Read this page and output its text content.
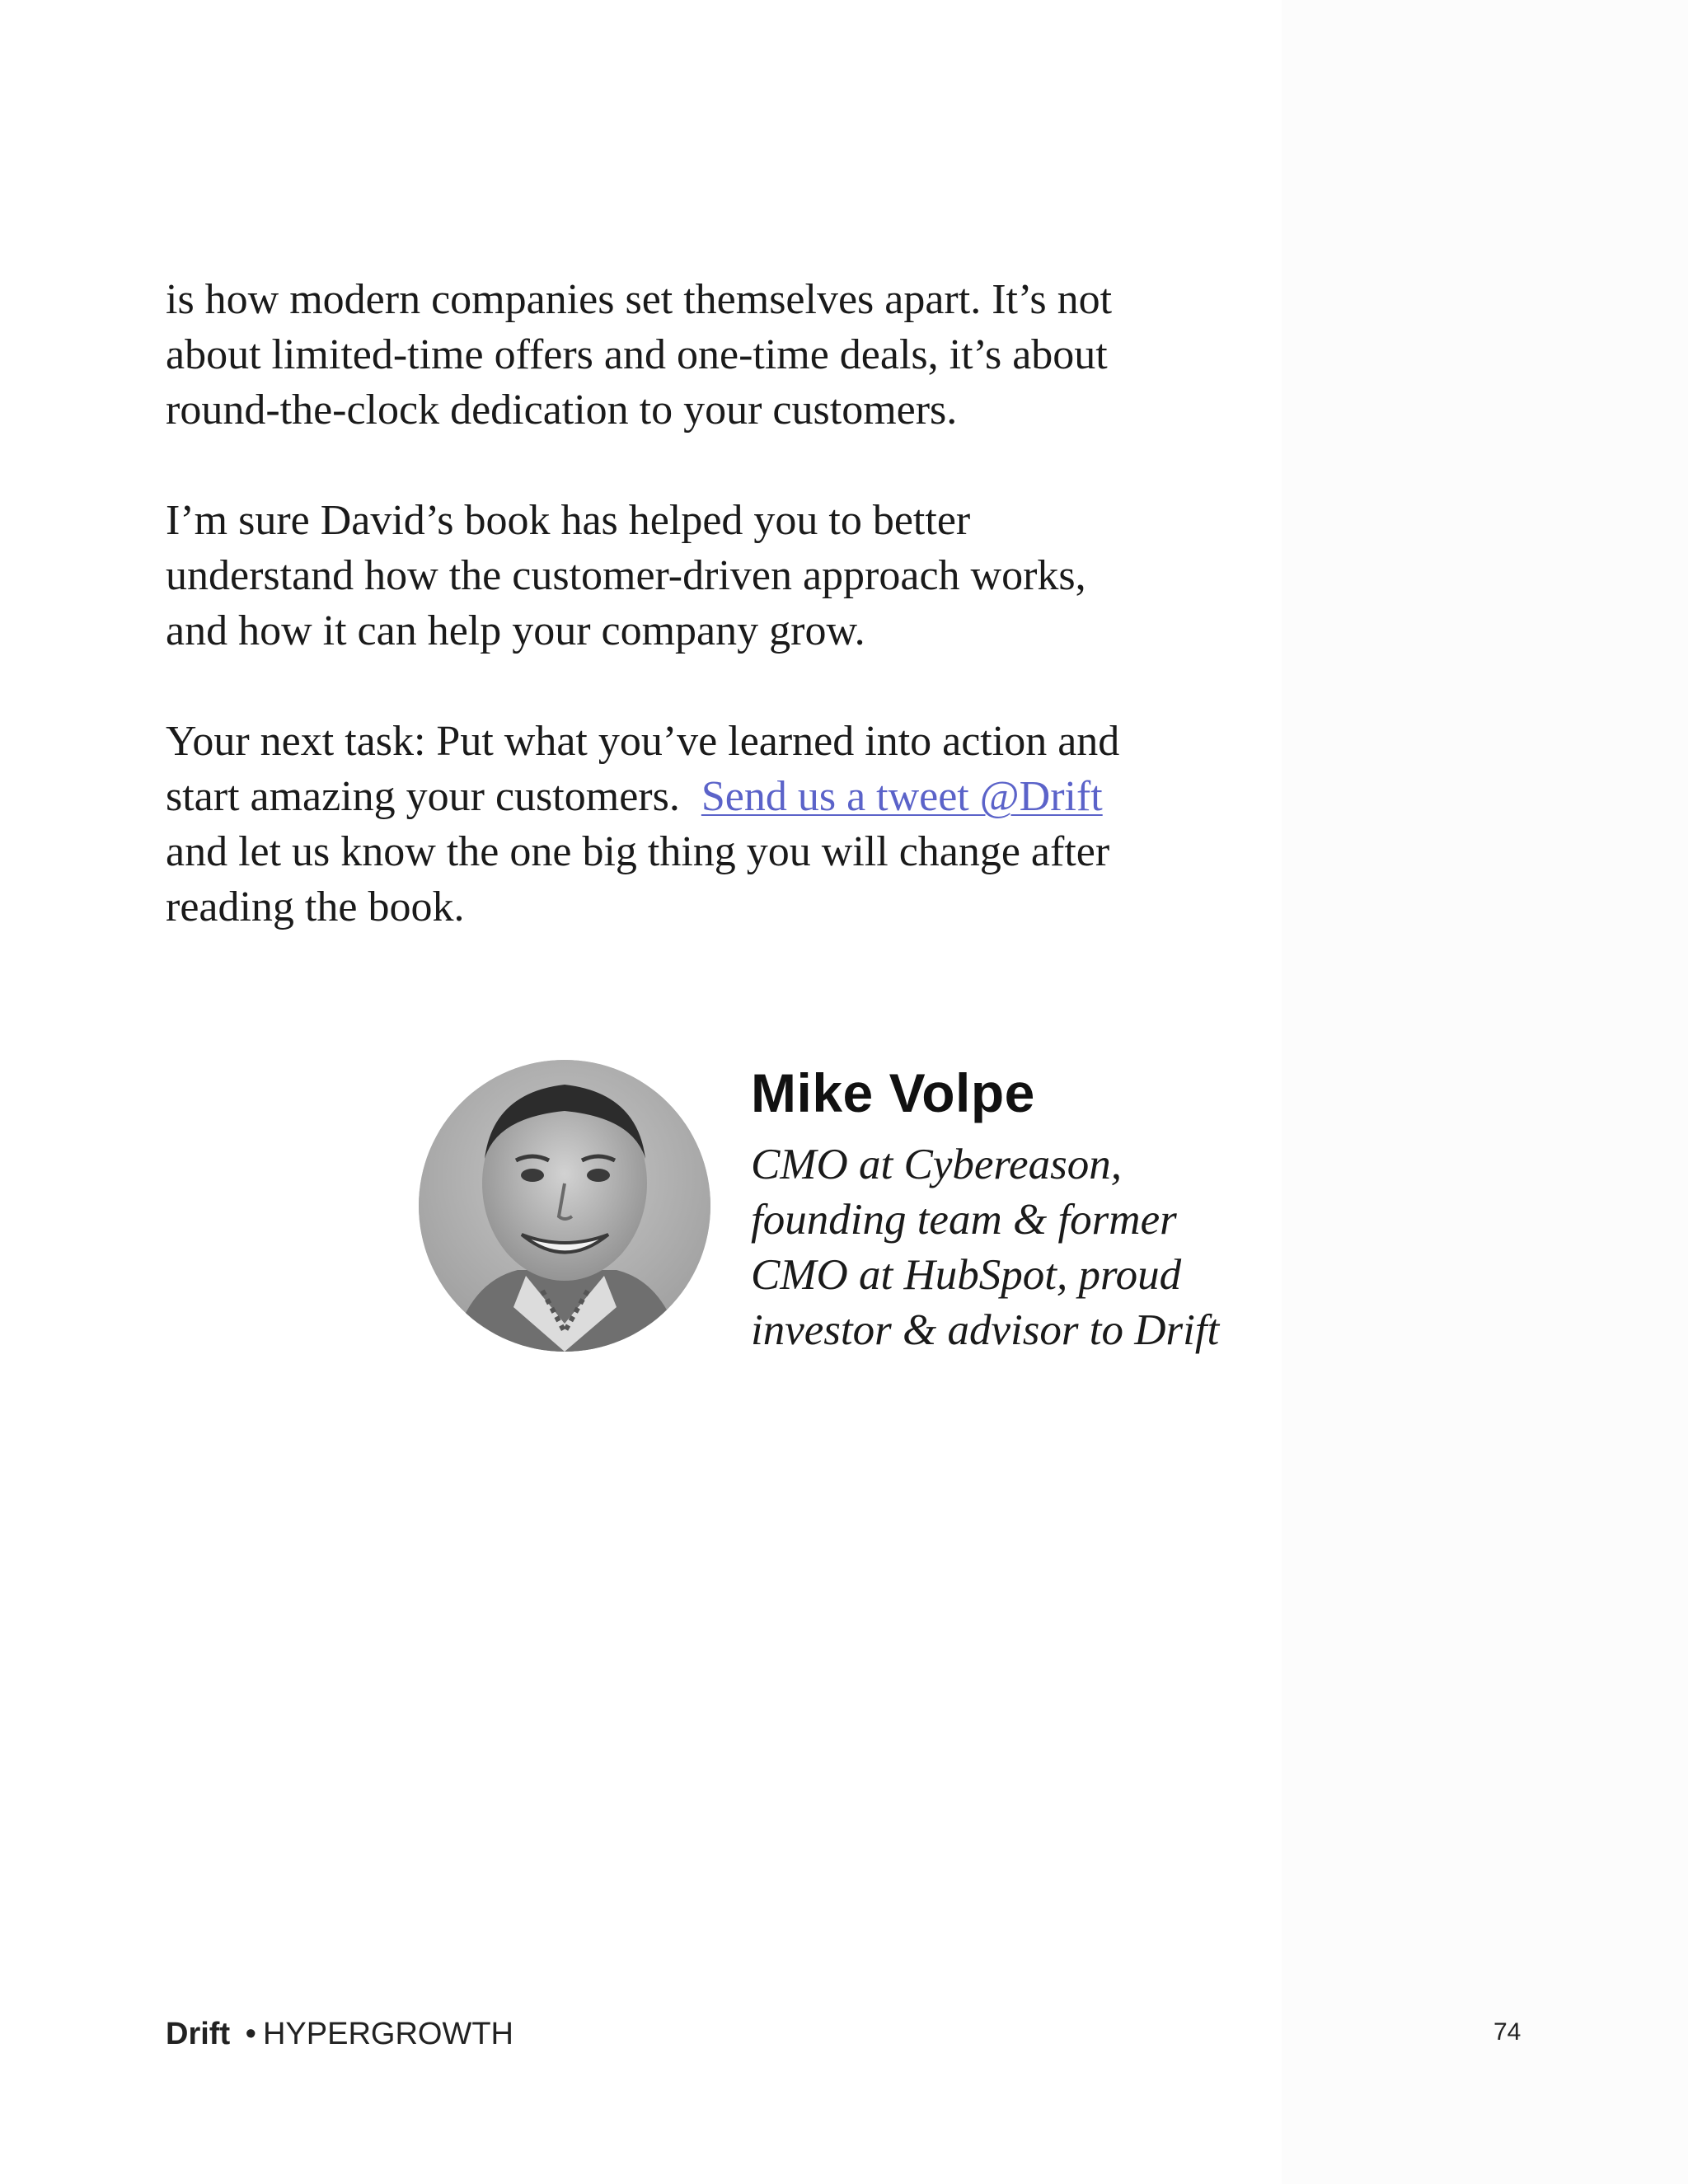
is how modern companies set themselves apart. It’s not
about limited-time offers and one-time deals, it’s about
round-the-clock dedication to your customers.

I’m sure David’s book has helped you to better
understand how the customer-driven approach works,
and how it can help your company grow.

Your next task: Put what you’ve learned into action and
start amazing your customers. Send us a tweet @Drift
and let us know the one big thing you will change after
reading the book.

Mike Volpe
CMO at Cybereason,
founding team & former
CMO at HubSpot, proud
investor & advisor to Drift
Drift • HYPERGROWTH	74
